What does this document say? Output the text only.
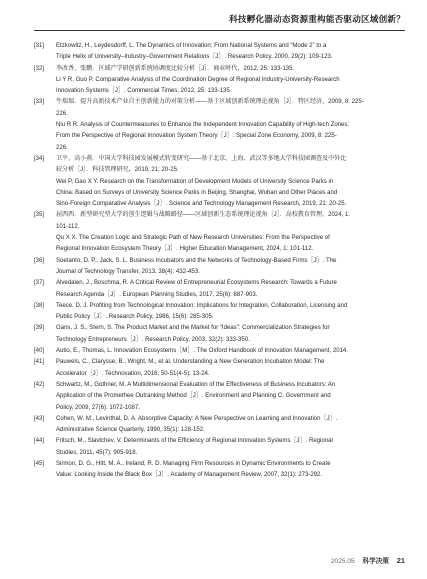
科技孵化器动态资源重构能否驱动区域创新？
[31]	Etzkowitz, H., Leydesdorff, L. The Dynamics of Innovation: From National Systems and “Mode 2” to a
Triple Helix of University–Industry–Government Relations［J］. Research Policy, 2000, 29(2): 109-123.
[32]	李改香，张鹏．区域产学研创新系统协调度比较分析［J］．商业时代，2012, 25: 133-135.
Li Y R, Guo P. Comparative Analysis of the Coordination Degree of Regional Industry-University-Research
Innovation Systems［J］. Commercial Times, 2012, 25: 133-135.
[33]	牛瑞瑞．提升高新技术产业自主创新能力的对策分析——基于区域创新系统理论视角［J］．特区经济，2009, 8: 225-
226.
Niu R R. Analysis of Countermeasures to Enhance the Independent Innovation Capability of High-tech Zones:
From the Perspective of Regional Innovation System Theory［J］. Special Zone Economy, 2009, 8: 225-
226.
[34]	卫平，高小燕．中国大学科技园发展模式转变研究——基于北京、上海、武汉等多地大学科技园调查及中外比
较分析［J］．科技管理研究，2019, 21: 20-25.
Wei P, Gao X Y. Research on the Transformation of Development Models of University Science Parks in
China: Based on Surveys of University Science Parks in Beijing, Shanghai, Wuhan and Other Places and
Sino-Foreign Comparative Analysis［J］. Science and Technology Management Research, 2019, 21: 20-25.
[35]	屈西西．新型研究型大学的创生逻辑与战略路径——区域创新生态系统理论视角［J］．高校教育管理，2024, 1:
101-112.
Qu X X. The Creation Logic and Strategic Path of New Research Universities: From the Perspective of
Regional Innovation Ecosystem Theory［J］. Higher Education Management, 2024, 1: 101-112.
[36]	Soetanto, D. P., Jack, S. L. Business Incubators and the Networks of Technology-Based Firms［J］. The
Journal of Technology Transfer, 2013, 38(4): 432-453.
[37]	Alvedalen, J., Boschma, R. A Critical Review of Entrepreneurial Ecosystems Research: Towards a Future
Research Agenda［J］. European Planning Studies, 2017, 25(6): 887-903.
[38]	Teece, D. J. Profiting from Technological Innovation: Implications for Integration, Collaboration, Licensing and
Public Policy［J］. Research Policy, 1986, 15(6): 285-305.
[39]	Gans, J. S., Stern, S. The Product Market and the Market for “Ideas”: Commercialization Strategies for
Technology Entrepreneurs［J］. Research Policy, 2003, 32(2): 333-350.
[40]	Autio, E., Thomas, L. Innovation Ecosystems［M］. The Oxford Handbook of Innovation Management, 2014.
[41]	Pauwels, C., Clarysse, B., Wright, M., et al. Understanding a New Generation Incubation Model: The
Accelerator［J］. Technovation, 2016, 50-51(4-5): 13-24.
[42]	Schwartz, M., Gothner, M. A Multidimensional Evaluation of the Effectiveness of Business Incubators: An
Application of the Promethee Outranking Method［J］. Environment and Planning C: Government and
Policy, 2009, 27(6): 1072-1087.
[43]	Cohen, W. M., Levinthal, D. A. Absorptive Capacity: A New Perspective on Learning and Innovation［J］.
Administrative Science Quarterly, 1990, 35(1): 128-152.
[44]	Fritsch, M., Slavtchev, V. Determinants of the Efficiency of Regional Innovation Systems［J］. Regional
Studies, 2011, 45(7): 905-918.
[45]	Sirmon, D. G., Hitt, M. A., Ireland, R. D. Managing Firm Resources in Dynamic Environments to Create
Value: Looking Inside the Black Box［J］. Academy of Management Review, 2007, 32(1): 273-292.
2025.05 科学决策 21
